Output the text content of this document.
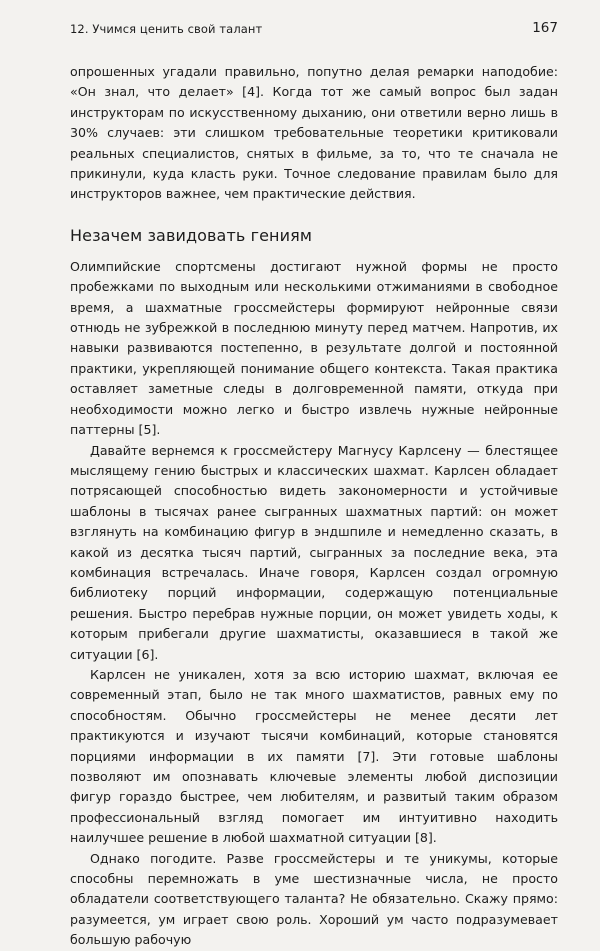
12. Учимся ценить свой талант	167

опрошенных угадали правильно, попутно делая ремарки наподобие: «Он знал, что делает» [4]. Когда тот же самый вопрос был задан инструкторам по искусственному дыханию, они ответили верно лишь в 30% случаев: эти слишком требовательные теоретики критиковали реальных специалистов, снятых в фильме, за то, что те сначала не прикинули, куда класть руки. Точное следование правилам было для инструкторов важнее, чем практические действия.

Незачем завидовать гениям

Олимпийские спортсмены достигают нужной формы не просто пробежками по выходным или несколькими отжиманиями в свободное время, а шахматные гроссмейстеры формируют нейронные связи отнюдь не зубрежкой в последнюю минуту перед матчем. Напротив, их навыки развиваются постепенно, в результате долгой и постоянной практики, укрепляющей понимание общего контекста. Такая практика оставляет заметные следы в долговременной памяти, откуда при необходимости можно легко и быстро извлечь нужные нейронные паттерны [5].

Давайте вернемся к гроссмейстеру Магнусу Карлсену — блестящее мыслящему гению быстрых и классических шахмат. Карлсен обладает потрясающей способностью видеть закономерности и устойчивые шаблоны в тысячах ранее сыгранных шахматных партий: он может взглянуть на комбинацию фигур в эндшпиле и немедленно сказать, в какой из десятка тысяч партий, сыгранных за последние века, эта комбинация встречалась. Иначе говоря, Карлсен создал огромную библиотеку порций информации, содержащую потенциальные решения. Быстро перебрав нужные порции, он может увидеть ходы, к которым прибегали другие шахматисты, оказавшиеся в такой же ситуации [6].

Карлсен не уникален, хотя за всю историю шахмат, включая ее современный этап, было не так много шахматистов, равных ему по способностям. Обычно гроссмейстеры не менее десяти лет практикуются и изучают тысячи комбинаций, которые становятся порциями информации в их памяти [7]. Эти готовые шаблоны позволяют им опознавать ключевые элементы любой диспозиции фигур гораздо быстрее, чем любителям, и развитый таким образом профессиональный взгляд помогает им интуитивно находить наилучшее решение в любой шахматной ситуации [8].

Однако погодите. Разве гроссмейстеры и те уникумы, которые способны перемножать в уме шестизначные числа, не просто обладатели соответствующего таланта? Не обязательно. Скажу прямо: разумеется, ум играет свою роль. Хороший ум часто подразумевает большую рабочую
